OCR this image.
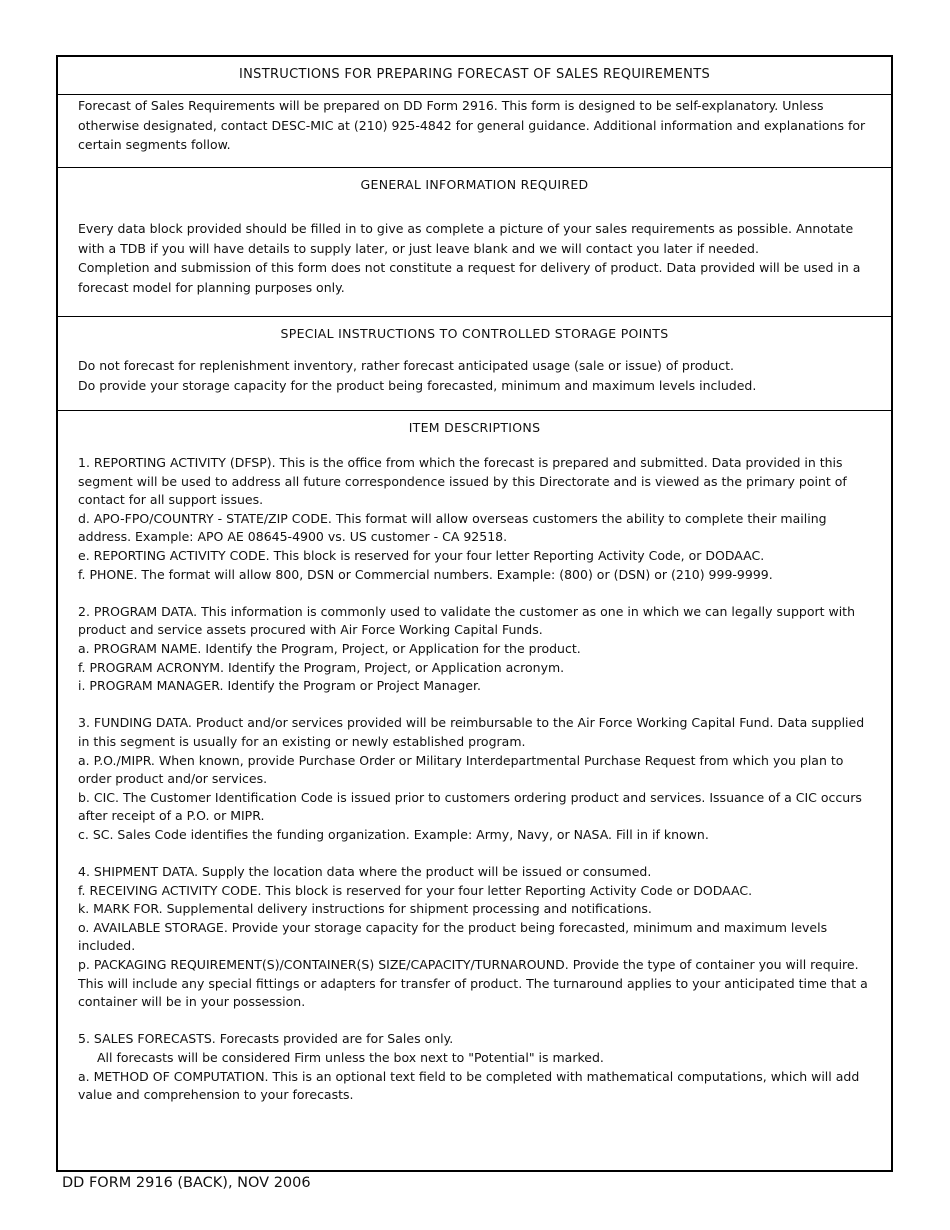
INSTRUCTIONS FOR PREPARING FORECAST OF SALES REQUIREMENTS

Forecast of Sales Requirements will be prepared on DD Form 2916. This form is designed to be self-explanatory. Unless otherwise designated, contact DESC-MIC at (210) 925-4842 for general guidance. Additional information and explanations for certain segments follow.

GENERAL INFORMATION REQUIRED

Every data block provided should be filled in to give as complete a picture of your sales requirements as possible. Annotate with a TDB if you will have details to supply later, or just leave blank and we will contact you later if needed.

Completion and submission of this form does not constitute a request for delivery of product. Data provided will be used in a forecast model for planning purposes only.

SPECIAL INSTRUCTIONS TO CONTROLLED STORAGE POINTS

Do not forecast for replenishment inventory, rather forecast anticipated usage (sale or issue) of product.

Do provide your storage capacity for the product being forecasted, minimum and maximum levels included.

ITEM DESCRIPTIONS

1. REPORTING ACTIVITY (DFSP). This is the office from which the forecast is prepared and submitted. Data provided in this segment will be used to address all future correspondence issued by this Directorate and is viewed as the primary point of contact for all support issues.

d. APO-FPO/COUNTRY - STATE/ZIP CODE. This format will allow overseas customers the ability to complete their mailing address. Example: APO AE 08645-4900 vs. US customer - CA 92518.

e. REPORTING ACTIVITY CODE. This block is reserved for your four letter Reporting Activity Code, or DODAAC.

f. PHONE. The format will allow 800, DSN or Commercial numbers. Example: (800) or (DSN) or (210) 999-9999.

2. PROGRAM DATA. This information is commonly used to validate the customer as one in which we can legally support with product and service assets procured with Air Force Working Capital Funds.

a. PROGRAM NAME. Identify the Program, Project, or Application for the product.

f. PROGRAM ACRONYM. Identify the Program, Project, or Application acronym.

i. PROGRAM MANAGER. Identify the Program or Project Manager.

3. FUNDING DATA. Product and/or services provided will be reimbursable to the Air Force Working Capital Fund. Data supplied in this segment is usually for an existing or newly established program.

a. P.O./MIPR. When known, provide Purchase Order or Military Interdepartmental Purchase Request from which you plan to order product and/or services.

b. CIC. The Customer Identification Code is issued prior to customers ordering product and services. Issuance of a CIC occurs after receipt of a P.O. or MIPR.

c. SC. Sales Code identifies the funding organization. Example: Army, Navy, or NASA. Fill in if known.

4. SHIPMENT DATA. Supply the location data where the product will be issued or consumed.

f. RECEIVING ACTIVITY CODE. This block is reserved for your four letter Reporting Activity Code or DODAAC.

k. MARK FOR. Supplemental delivery instructions for shipment processing and notifications.

o. AVAILABLE STORAGE. Provide your storage capacity for the product being forecasted, minimum and maximum levels included.

p. PACKAGING REQUIREMENT(S)/CONTAINER(S) SIZE/CAPACITY/TURNAROUND. Provide the type of container you will require. This will include any special fittings or adapters for transfer of product. The turnaround applies to your anticipated time that a container will be in your possession.

5. SALES FORECASTS. Forecasts provided are for Sales only.

All forecasts will be considered Firm unless the box next to "Potential" is marked.

a. METHOD OF COMPUTATION. This is an optional text field to be completed with mathematical computations, which will add value and comprehension to your forecasts.

DD FORM 2916 (BACK), NOV 2006
